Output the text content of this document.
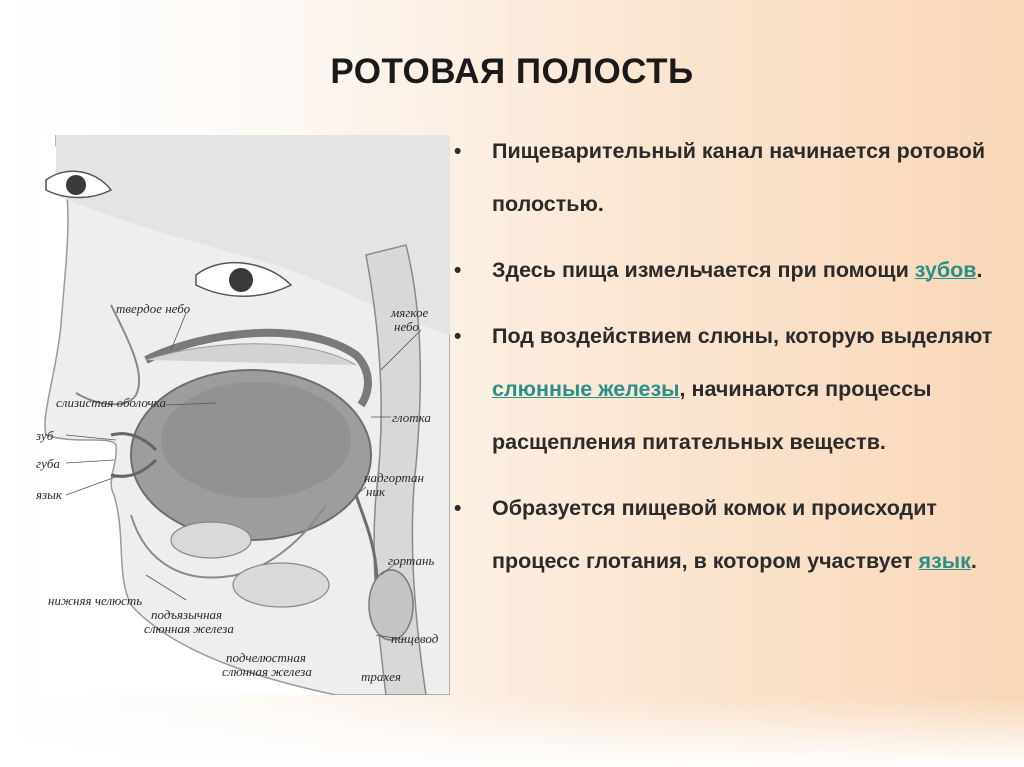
РОТОВАЯ ПОЛОСТЬ
твердое небо	мягкое
небо
слизистая оболочка
глотка
зуб
губа
язык
надгортан
ник
гортань
нижняя челюсть
подъязычная
слюнная железа
пищевод
подчелюстная
слюнная железа	трахея
• Пищеварительный канал начинается ротовой полостью.
• Здесь пища измельчается при помощи зубов.
• Под воздействием слюны, которую выделяют слюнные железы, начинаются процессы расщепления питательных веществ.
• Образуется пищевой комок и происходит процесс глотания, в котором участвует язык.
